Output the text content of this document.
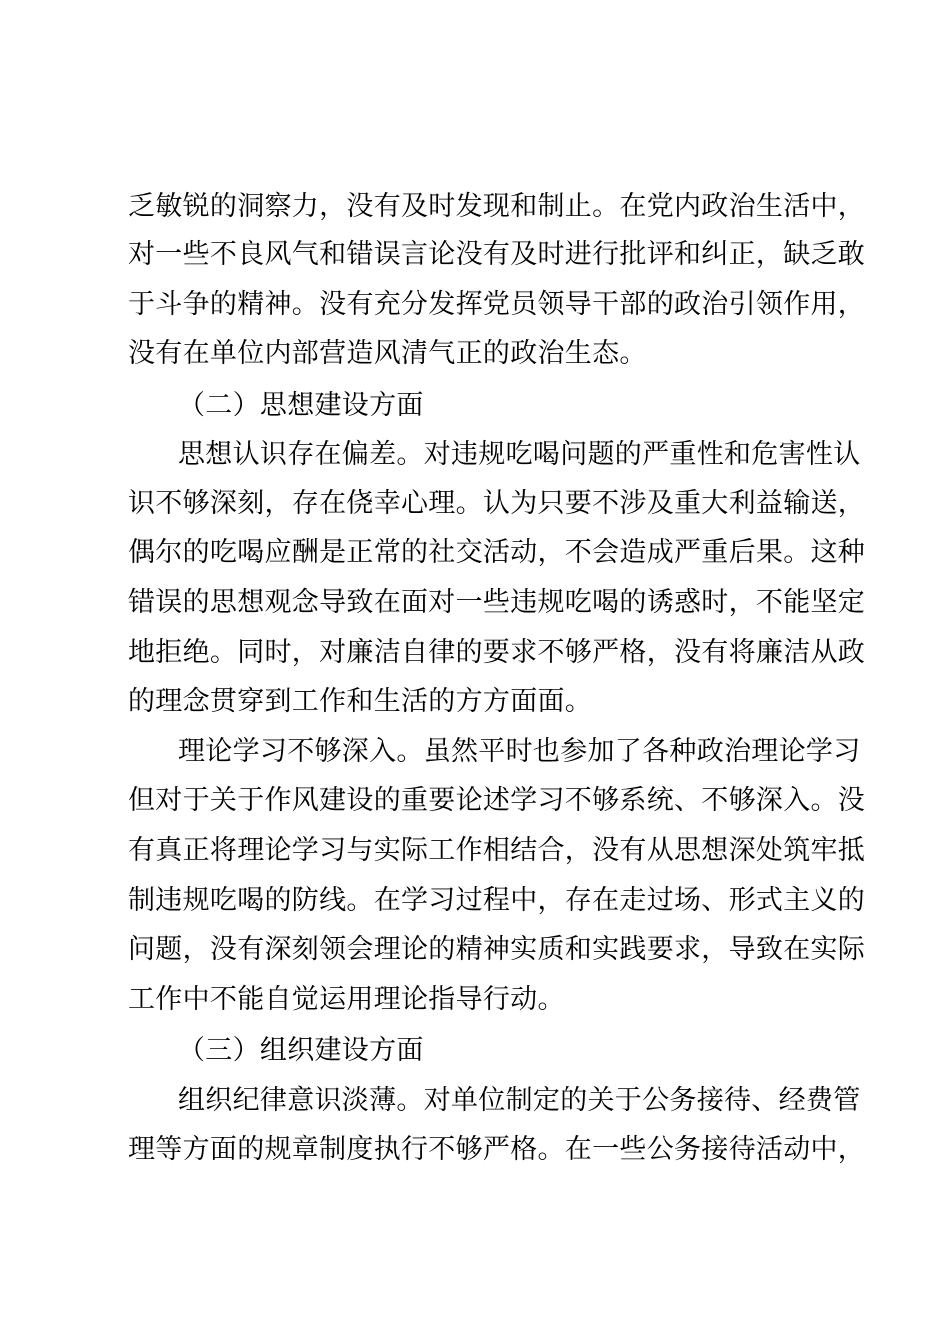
乏敏锐的洞察力，没有及时发现和制止。在党内政治生活中，
对一些不良风气和错误言论没有及时进行批评和纠正，缺乏敢
于斗争的精神。没有充分发挥党员领导干部的政治引领作用，
没有在单位内部营造风清气正的政治生态。
（二）思想建设方面
思想认识存在偏差。对违规吃喝问题的严重性和危害性认
识不够深刻，存在侥幸心理。认为只要不涉及重大利益输送，
偶尔的吃喝应酬是正常的社交活动，不会造成严重后果。这种
错误的思想观念导致在面对一些违规吃喝的诱惑时，不能坚定
地拒绝。同时，对廉洁自律的要求不够严格，没有将廉洁从政
的理念贯穿到工作和生活的方方面面。
理论学习不够深入。虽然平时也参加了各种政治理论学习
但对于关于作风建设的重要论述学习不够系统、不够深入。没
有真正将理论学习与实际工作相结合，没有从思想深处筑牢抵
制违规吃喝的防线。在学习过程中，存在走过场、形式主义的
问题，没有深刻领会理论的精神实质和实践要求，导致在实际
工作中不能自觉运用理论指导行动。
（三）组织建设方面
组织纪律意识淡薄。对单位制定的关于公务接待、经费管
理等方面的规章制度执行不够严格。在一些公务接待活动中，
